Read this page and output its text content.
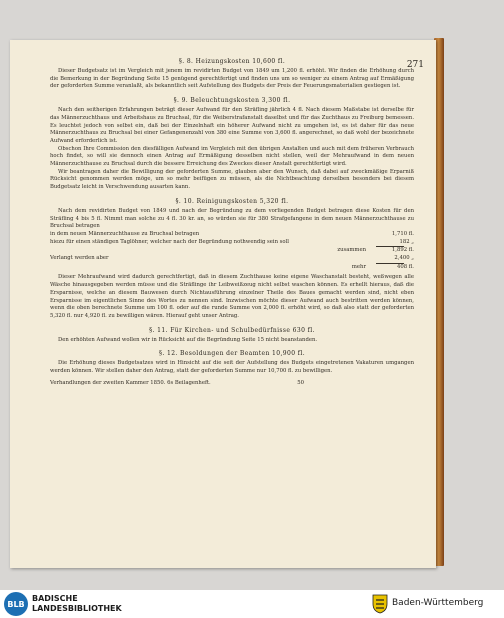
271

§. 8. Heizungskosten 10,600 fl.

Dieser Budgetsatz ist im Vergleich mit jenem im revidirten Budget von 1849 um 1,200 fl. erhöht. Wir finden die Erhöhung durch die Bemerkung in der Begründung Seite 15 genügend gerechtfertigt und finden uns um so weniger zu einem Antrag auf Ermäßigung der geforderten Summe veranlaßt, als bekanntlich seit Aufstellung des Budgets der Preis der Feuerungsmaterialien gestiegen ist.

§. 9. Beleuchtungskosten 3,300 fl.

Nach den seitherigen Erfahrungen beträgt dieser Aufwand für den Sträfling jährlich 4 fl. Nach diesem Maßstabe ist derselbe für das Männerzuchthaus und Arbeitshaus zu Bruchsal, für die Weiberstrafanstalt daselbst und für das Zuchthaus zu Freiburg bemessen. Es leuchtet jedoch von selbst ein, daß bei der Einzelnhaft ein höherer Aufwand nicht zu umgehen ist, es ist daher für das neue Männerzuchthaus zu Bruchsal bei einer Gefangenenzahl von 380 eine Summe von 3,600 fl. angerechnet, so daß wohl der bezeichnete Aufwand erforderlich ist.

Obschon Ihre Commission den diesfälligen Aufwand im Vergleich mit den übrigen Anstalten und auch mit dem früheren Verbrauch hoch findet, so will sie dennoch einen Antrag auf Ermäßigung desselben nicht stellen, weil der Mehraufwand in dem neuen Männerzuchthause zu Bruchsal durch die bessere Erreichung des Zweckes dieser Anstalt gerechtfertigt wird.

Wir beantragen daher die Bewilligung der geforderten Summe, glauben aber den Wunsch, daß dabei auf zweckmäßige Erparniß Rücksicht genommen werden möge, um so mehr beifügen zu müssen, als die Nichtbeachtung derselben besonders bei diesem Budgetsatz leicht in Verschwendung ausarten kann.

§. 10. Reinigungskosten 5,320 fl.

Nach dem revidirten Budget von 1849 und nach der Begründung zu dem vorliegenden Budget betragen diese Kosten für den Sträfling 4 bis 5 fl. Nimmt man solche zu 4 fl. 30 kr. an, so würden sie für 380 Strafgefangene in dem neuen Männerzuchthause zu Bruchsal betragen

in dem neuen Männerzuchthause zu Bruchsal betragen	1,710 fl.
hiezu für einen ständigen Taglöhner, welcher nach der Begründung nothwendig sein soll	182 „
zusammen	1,892 fl.
Verlangt werden aber	2,400 „
mehr	408 fl.

Dieser Mehraufwand wird dadurch gerechtfertigt, daß in diesem Zuchthause keine eigene Waschanstalt besteht, weßwegen alle Wäsche hinausgegeben werden müsse und die Sträflinge ihr Leibweißzeug nicht selbst waschen können. Es erhellt hieraus, daß die Ersparnisse, welche an diesem Bauwesen durch Nichtausführung einzelner Theile des Baues gemacht werden sind, nicht eben Ersparnisse im eigentlichen Sinne des Wortes zu nennen sind. Inzwischen möchte dieser Aufwand auch bestritten werden können, wenn die oben berechnete Summe um 100 fl. oder auf die runde Summe von 2,000 fl. erhöht wird, so daß also statt der geforderten 5,320 fl. nur 4,920 fl. zu bewilligen wären. Hierauf geht unser Antrag.

§. 11. Für Kirchen- und Schulbedürfnisse 630 fl.

Den erhöhten Aufwand wollen wir in Rücksicht auf die Begründung Seite 15 nicht beanstanden.

§. 12. Besoldungen der Beamten 10,900 fl.

Die Erhöhung dieses Budgetsatzes wird in Hinsicht auf die seit der Aufstellung des Budgets eingetretenen Vakaturen umgangen werden können. Wir stellen daher den Antrag, statt der geforderten Summe nur 10,700 fl. zu bewilligen.

Verhandlungen der zweiten Kammer 1850. 6s Beilagenheft.	50
BLB
BADISCHE
LANDESBIBLIOTHEK
Baden-Württemberg
